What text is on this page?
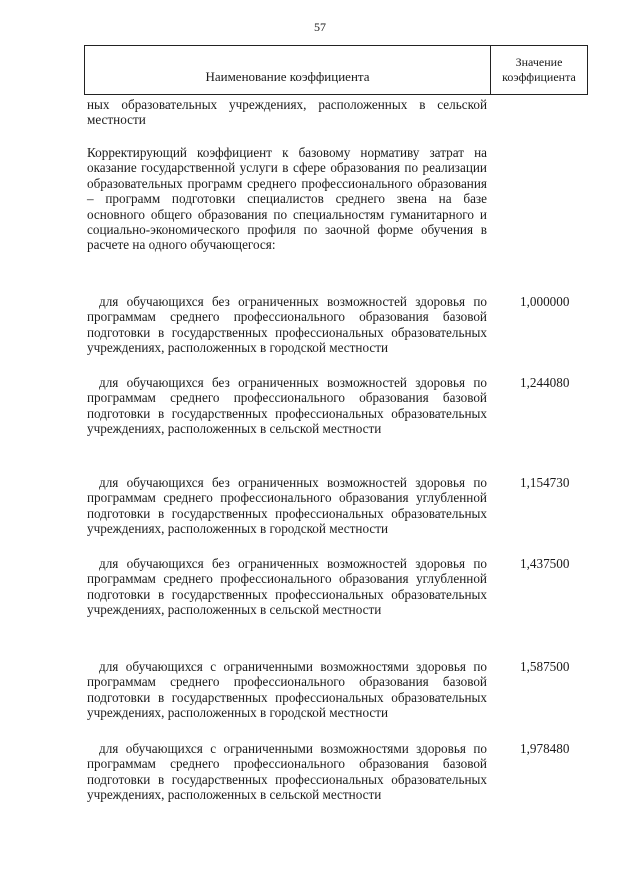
57
Наименование коэффициента
Значение коэффициента
ных образовательных учреждениях, расположенных в сельской местности
Корректирующий коэффициент к базовому нормативу затрат на оказание государственной услуги в сфере образования по реализации образовательных программ среднего профессионального образования – программ подготовки специалистов среднего звена на базе основного общего образования по специальностям гуманитарного и социально-экономического профиля по заочной форме обучения в расчете на одного обучающегося:
для обучающихся без ограниченных возможностей здоровья по программам среднего профессионального образования базовой подготовки в государственных профессиональных образовательных учреждениях, расположенных в городской местности
1,000000
для обучающихся без ограниченных возможностей здоровья по программам среднего профессионального образования базовой подготовки в государственных профессиональных образовательных учреждениях, расположенных в сельской местности
1,244080
для обучающихся без ограниченных возможностей здоровья по программам среднего профессионального образования углубленной подготовки в государственных профессиональных образовательных учреждениях, расположенных в городской местности
1,154730
для обучающихся без ограниченных возможностей здоровья по программам среднего профессионального образования углубленной подготовки в государственных профессиональных образовательных учреждениях, расположенных в сельской местности
1,437500
для обучающихся с ограниченными возможностями здоровья по программам среднего профессионального образования базовой подготовки в государственных профессиональных образовательных учреждениях, расположенных в городской местности
1,587500
для обучающихся с ограниченными возможностями здоровья по программам среднего профессионального образования базовой подготовки в государственных профессиональных образовательных учреждениях, расположенных в сельской местности
1,978480
